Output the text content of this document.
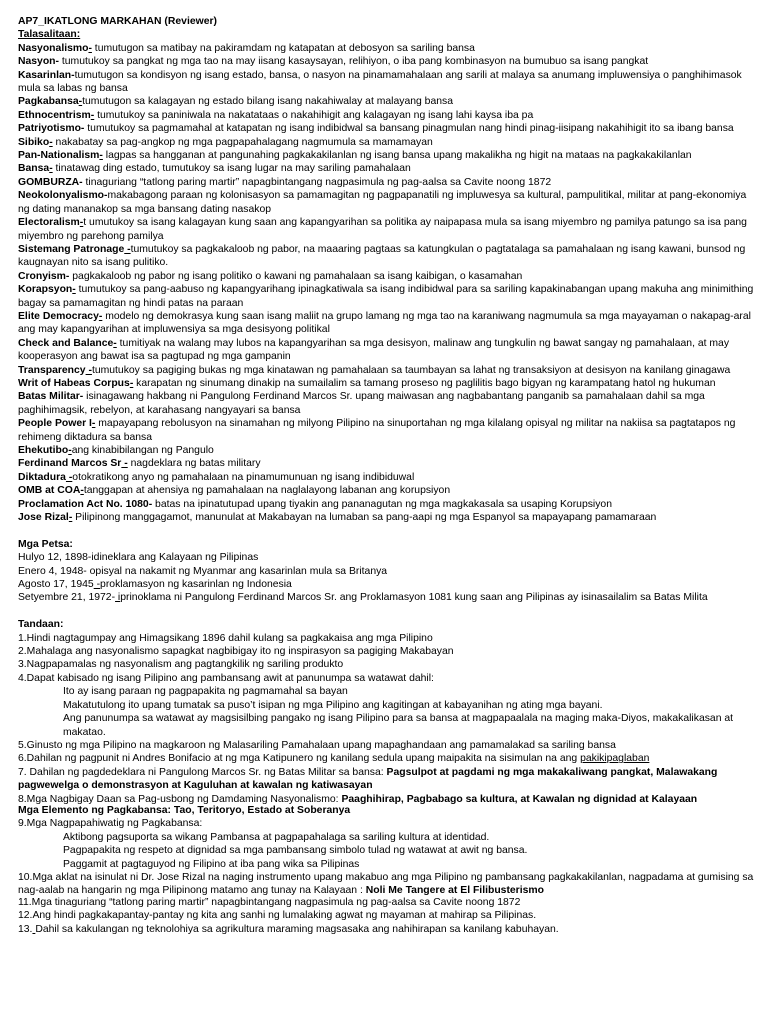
AP7_IKATLONG MARKAHAN (Reviewer)

Talasalitaan:

Nasyonalismo- tumutugon sa matibay na pakiramdam ng katapatan at debosyon sa sariling bansa

Nasyon- tumutukoy sa pangkat ng mga tao na may iisang kasaysayan, relihiyon, o iba pang kombinasyon na bumubuo sa isang pangkat

Kasarinlan-tumutugon sa kondisyon ng isang estado, bansa, o nasyon na pinamamahalaan ang sarili at malaya sa anumang impluwensiya o panghihimasok mula sa labas ng bansa

Pagkabansa-tumutugon sa kalagayan ng estado bilang isang nakahiwalay at malayang bansa

Ethnocentrism- tumutukoy sa paniniwala na nakatataas o nakahihigit ang kalagayan ng isang lahi kaysa iba pa

Patriyotismo- tumutukoy sa pagmamahal at katapatan ng isang indibidwal sa bansang pinagmulan nang hindi pinag-iisipang nakahihigit ito sa ibang bansa

Sibiko- nakabatay sa pag-angkop ng mga pagpapahalagang nagmumula sa mamamayan

Pan-Nationalism- lagpas sa hangganan at pangunahing pagkakakilanlan ng isang bansa upang makalikha ng higit na mataas na pagkakakilanlan

Bansa- tinatawag ding estado, tumutukoy sa isang lugar na may sariling pamahalaan

GOMBURZA- tinaguriang “tatlong paring martir” napagbintangang nagpasimula ng pag-aalsa sa Cavite noong 1872

Neokolonyalismo-makabagong paraan ng kolonisasyon sa pamamagitan ng pagpapanatili ng impluwesya sa kultural, pampulitikal, militar at pang-ekonomiya ng dating mananakop sa mga bansang dating nasakop

Electoralism-t umutukoy sa isang kalagayan kung saan ang kapangyarihan sa politika ay naipapasa mula sa isang miyembro ng pamilya patungo sa isa pang miyembro ng parehong pamilya

Sistemang Patronage -tumutukoy sa pagkakaloob ng pabor, na maaaring pagtaas sa katungkulan o pagtatalaga sa pamahalaan ng isang kawani, bunsod ng kaugnayan nito sa isang pulitiko.

Cronyism- pagkakaloob ng pabor ng isang politiko o kawani ng pamahalaan sa isang kaibigan, o kasamahan

Korapsyon- tumutukoy sa pang-aabuso ng kapangyarihang ipinagkatiwala sa isang indibidwal para sa sariling kapakinabangan upang makuha ang minimithing bagay sa pamamagitan ng hindi patas na paraan

Elite Democracy- modelo ng demokrasya kung saan isang maliit na grupo lamang ng mga tao na karaniwang nagmumula sa mga mayayaman o nakapag-aral ang may kapangyarihan at impluwensiya sa mga desisyong politikal

Check and Balance- tumitiyak na walang may lubos na kapangyarihan sa mga desisyon, malinaw ang tungkulin ng bawat sangay ng pamahalaan, at may kooperasyon ang bawat isa sa pagtupad ng mga gampanin

Transparency -tumutukoy sa pagiging bukas ng mga kinatawan ng pamahalaan sa taumbayan sa lahat ng transaksiyon at desisyon na kanilang ginagawa

Writ of Habeas Corpus- karapatan ng sinumang dinakip na sumailalim sa tamang proseso ng paglilitis bago bigyan ng karampatang hatol ng hukuman

Batas Militar- isinagawang hakbang ni Pangulong Ferdinand Marcos Sr. upang maiwasan ang nagbabantang panganib sa pamahalaan dahil sa mga paghihimagsik, rebelyon, at karahasang nangyayari sa bansa

People Power I- mapayapang rebolusyon na sinamahan ng milyong Pilipino na sinuportahan ng mga kilalang opisyal ng militar na nakiisa sa pagtatapos ng rehimeng diktadura sa bansa

Ehekutibo-ang kinabibilangan ng Pangulo

Ferdinand Marcos Sr - nagdeklara ng batas military

Diktadura -otokratikong anyo ng pamahalaan na pinamumunuan ng isang indibiduwal

OMB at COA-tanggapan at ahensiya ng pamahalaan na naglalayong labanan ang korupsiyon

Proclamation Act No. 1080- batas na ipinatutupad upang tiyakin ang pananagutan ng mga magkakasala sa usaping Korupsiyon

Jose Rizal- Pilipinong manggagamot, manunulat at Makabayan na lumaban sa pang-aapi ng mga Espanyol sa mapayapang pamamaraan

Mga Petsa:

Hulyo 12, 1898-idineklara ang Kalayaan ng Pilipinas

Enero 4, 1948- opisyal na nakamit ng Myanmar ang kasarinlan mula sa Britanya

Agosto 17, 1945 -proklamasyon ng kasarinlan ng Indonesia

Setyembre 21, 1972- iprinoklama ni Pangulong Ferdinand Marcos Sr. ang Proklamasyon 1081 kung saan ang Pilipinas ay isinasailalim sa Batas Milita

Tandaan:

1.Hindi nagtagumpay ang Himagsikang 1896 dahil kulang sa pagkakaisa ang mga Pilipino

2.Mahalaga ang nasyonalismo sapagkat nagbibigay ito ng inspirasyon sa pagiging Makabayan

3.Nagpapamalas ng nasyonalism ang pagtangkilik ng sariling produkto

4.Dapat kabisado ng isang Pilipino ang pambansang awit at panunumpa sa watawat dahil:

Ito ay isang paraan ng pagpapakita ng pagmamahal sa bayan

Makatutulong ito upang tumatak sa puso’t isipan ng mga Pilipino ang kagitingan at kabayanihan ng ating mga bayani.

Ang panunumpa sa watawat ay magsisilbing pangako ng isang Pilipino para sa bansa at magpapaalala na maging maka-Diyos, makakalikasan at makatao.

5.Ginusto ng mga Pilipino na magkaroon ng Malasariling Pamahalaan upang mapaghandaan ang pamamalakad sa sariling bansa

6.Dahilan ng pagpunit ni Andres Bonifacio at ng mga Katipunero ng kanilang sedula upang maipakita na sisimulan na ang pakikipaglaban

7. Dahilan ng pagdedeklara ni Pangulong Marcos Sr. ng Batas Militar sa bansa: Pagsulpot at pagdami ng mga makakaliwang pangkat, Malawakang pagwewelga o demonstrasyon at Kaguluhan at kawalan ng katiwasayan

8.Mga Nagbigay Daan sa Pag-usbong ng Damdaming Nasyonalismo: Paaghihirap, Pagbabago sa kultura, at Kawalan ng dignidad at Kalayaan

Mga Elemento ng Pagkabansa: Tao, Teritoryo, Estado at Soberanya

9.Mga Nagpapahiwatig ng Pagkabansa:

Aktibong pagsuporta sa wikang Pambansa at pagpapahalaga sa sariling kultura at identidad.

Pagpapakita ng respeto at dignidad sa mga pambansang simbolo tulad ng watawat at awit ng bansa.

Paggamit at pagtaguyod ng Filipino at iba pang wika sa Pilipinas

10.Mga aklat na isinulat ni Dr. Jose Rizal na naging instrumento upang makabuo ang mga Pilipino ng pambansang pagkakakilanlan, nagpadama at gumising sa nag-aalab na hangarin ng mga Pilipinong matamo ang tunay na Kalayaan : Noli Me Tangere at El Filibusterismo

11.Mga tinaguriang “tatlong paring martir” napagbintangang nagpasimula ng pag-aalsa sa Cavite noong 1872

12.Ang hindi pagkakapantay-pantay ng kita ang sanhi ng lumalaking agwat ng mayaman at mahirap sa Pilipinas.

13. Dahil sa kakulangan ng teknolohiya sa agrikultura maraming magsasaka ang nahihirapan sa kanilang kabuhayan.
